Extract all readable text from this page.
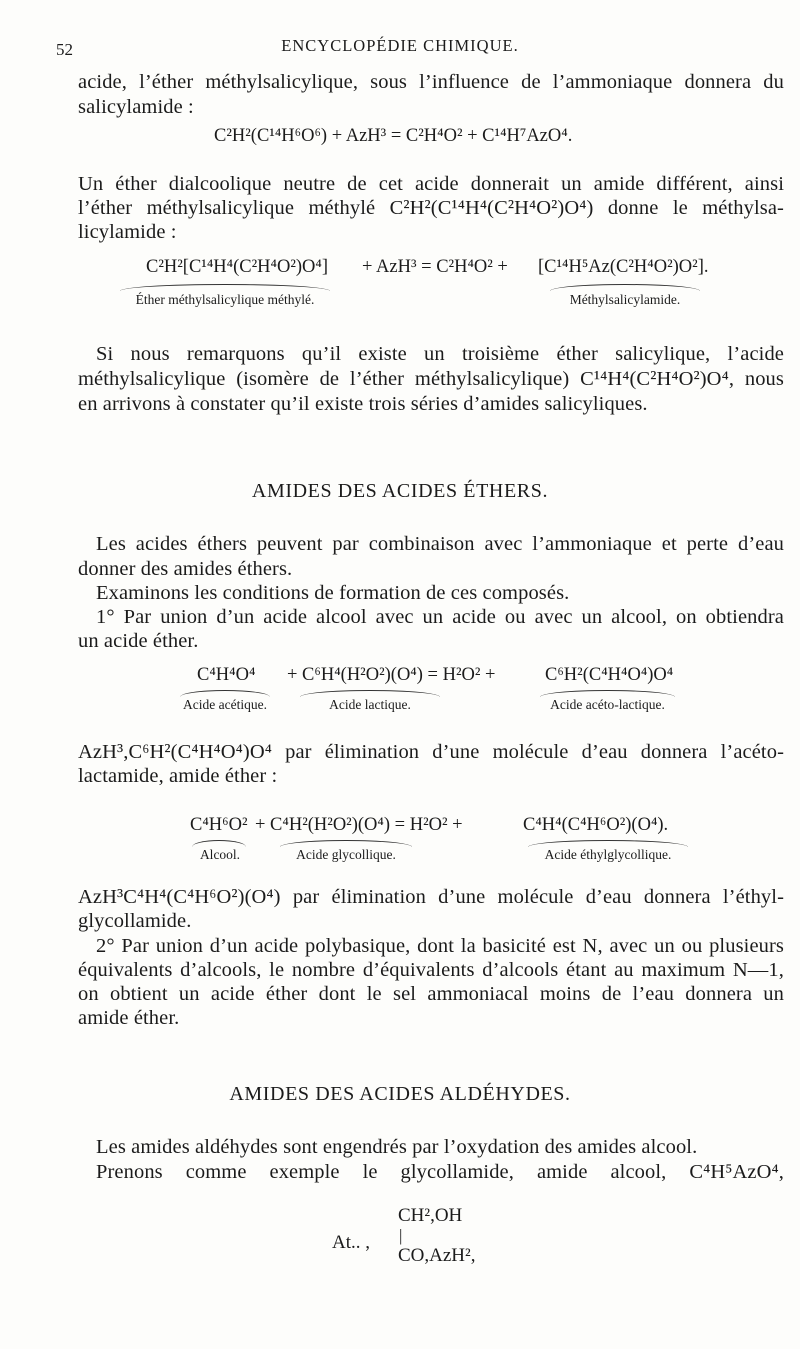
52	ENCYCLOPÉDIE CHIMIQUE.
acide, l’éther méthylsalicylique, sous l’influence de l’ammoniaque donnera du
salicylamide :
C²H²(C¹⁴H⁶O⁶) + AzH³ = C²H⁴O² + C¹⁴H⁷AzO⁴.
Un éther dialcoolique neutre de cet acide donnerait un amide différent, ainsi
l’éther méthylsalicylique méthylé C²H²(C¹⁴H⁴(C²H⁴O²)O⁴) donne le méthylsa-
licylamide :
C²H²[C¹⁴H⁴(C²H⁴O²)O⁴] + AzH³ = C²H⁴O² + [C¹⁴H⁵Az(C²H⁴O²)O²].
Éther méthylsalicylique méthylé.	Méthylsalicylamide.
Si nous remarquons qu’il existe un troisième éther salicylique, l’acide
méthylsalicylique (isomère de l’éther méthylsalicylique) C¹⁴H⁴(C²H⁴O²)O⁴, nous
en arrivons à constater qu’il existe trois séries d’amides salicyliques.
AMIDES DES ACIDES ÉTHERS.
Les acides éthers peuvent par combinaison avec l’ammoniaque et perte d’eau
donner des amides éthers.
Examinons les conditions de formation de ces composés.
1° Par union d’un acide alcool avec un acide ou avec un alcool, on obtiendra
un acide éther.
C⁴H⁴O⁴ + C⁶H⁴(H²O²)(O⁴) = H²O² +	C⁶H²(C⁴H⁴O⁴)O⁴
Acide acétique.	Acide lactique.	Acide acéto-lactique.
AzH³,C⁶H²(C⁴H⁴O⁴)O⁴ par élimination d’une molécule d’eau donnera l’acéto-
lactamide, amide éther :
C⁴H⁶O² + C⁴H²(H²O²)(O⁴) = H²O² +	C⁴H⁴(C⁴H⁶O²)(O⁴).
Alcool.	Acide glycollique.	Acide éthylglycollique.
AzH³C⁴H⁴(C⁴H⁶O²)(O⁴) par élimination d’une molécule d’eau donnera l’éthyl-
glycollamide.
2° Par union d’un acide polybasique, dont la basicité est N, avec un ou plusieurs
équivalents d’alcools, le nombre d’équivalents d’alcools étant au maximum N—1,
on obtient un acide éther dont le sel ammoniacal moins de l’eau donnera un
amide éther.
AMIDES DES ACIDES ALDÉHYDES.
Les amides aldéhydes sont engendrés par l’oxydation des amides alcool.
Prenons comme exemple le glycollamide, amide alcool, C⁴H⁵AzO⁴,
At.. ,
CH²,OH
|
CO,AzH²,
